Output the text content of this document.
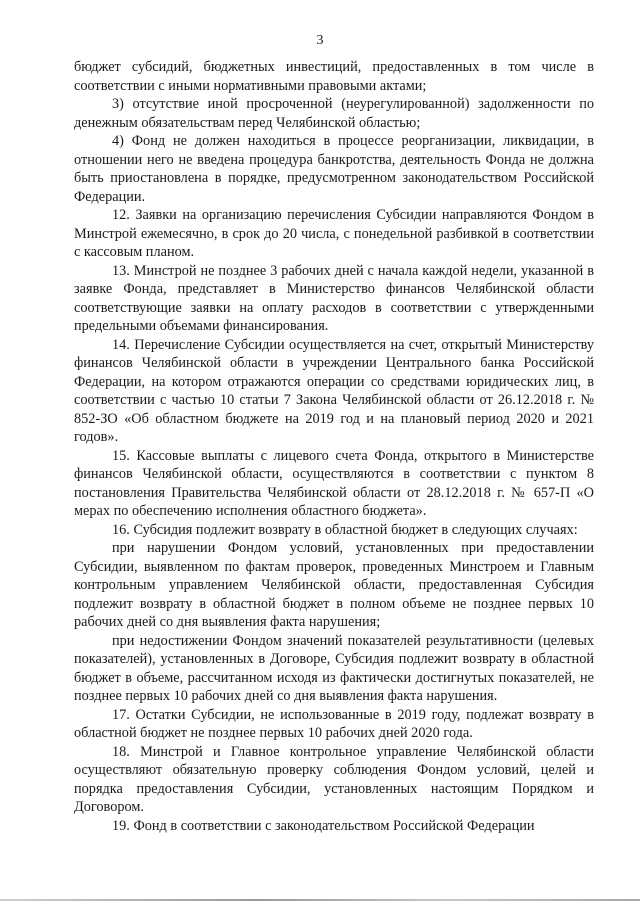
3

бюджет субсидий, бюджетных инвестиций, предоставленных в том числе в соответствии с иными нормативными правовыми актами;

3) отсутствие иной просроченной (неурегулированной) задолженности по денежным обязательствам перед Челябинской областью;

4) Фонд не должен находиться в процессе реорганизации, ликвидации, в отношении него не введена процедура банкротства, деятельность Фонда не должна быть приостановлена в порядке, предусмотренном законодательством Российской Федерации.

12. Заявки на организацию перечисления Субсидии направляются Фондом в Минстрой ежемесячно, в срок до 20 числа, с понедельной разбивкой в соответствии с кассовым планом.

13. Минстрой не позднее 3 рабочих дней с начала каждой недели, указанной в заявке Фонда, представляет в Министерство финансов Челябинской области соответствующие заявки на оплату расходов в соответствии с утвержденными предельными объемами финансирования.

14. Перечисление Субсидии осуществляется на счет, открытый Министерству финансов Челябинской области в учреждении Центрального банка Российской Федерации, на котором отражаются операции со средствами юридических лиц, в соответствии с частью 10 статьи 7 Закона Челябинской области от 26.12.2018 г. № 852-ЗО «Об областном бюджете на 2019 год и на плановый период 2020 и 2021 годов».

15. Кассовые выплаты с лицевого счета Фонда, открытого в Министерстве финансов Челябинской области, осуществляются в соответствии с пунктом 8 постановления Правительства Челябинской области от 28.12.2018 г. № 657-П «О мерах по обеспечению исполнения областного бюджета».

16. Субсидия подлежит возврату в областной бюджет в следующих случаях:

при нарушении Фондом условий, установленных при предоставлении Субсидии, выявленном по фактам проверок, проведенных Минстроем и Главным контрольным управлением Челябинской области, предоставленная Субсидия подлежит возврату в областной бюджет в полном объеме не позднее первых 10 рабочих дней со дня выявления факта нарушения;

при недостижении Фондом значений показателей результативности (целевых показателей), установленных в Договоре, Субсидия подлежит возврату в областной бюджет в объеме, рассчитанном исходя из фактически достигнутых показателей, не позднее первых 10 рабочих дней со дня выявления факта нарушения.

17. Остатки Субсидии, не использованные в 2019 году, подлежат возврату в областной бюджет не позднее первых 10 рабочих дней 2020 года.

18. Минстрой и Главное контрольное управление Челябинской области осуществляют обязательную проверку соблюдения Фондом условий, целей и порядка предоставления Субсидии, установленных настоящим Порядком и Договором.

19. Фонд в соответствии с законодательством Российской Федерации
